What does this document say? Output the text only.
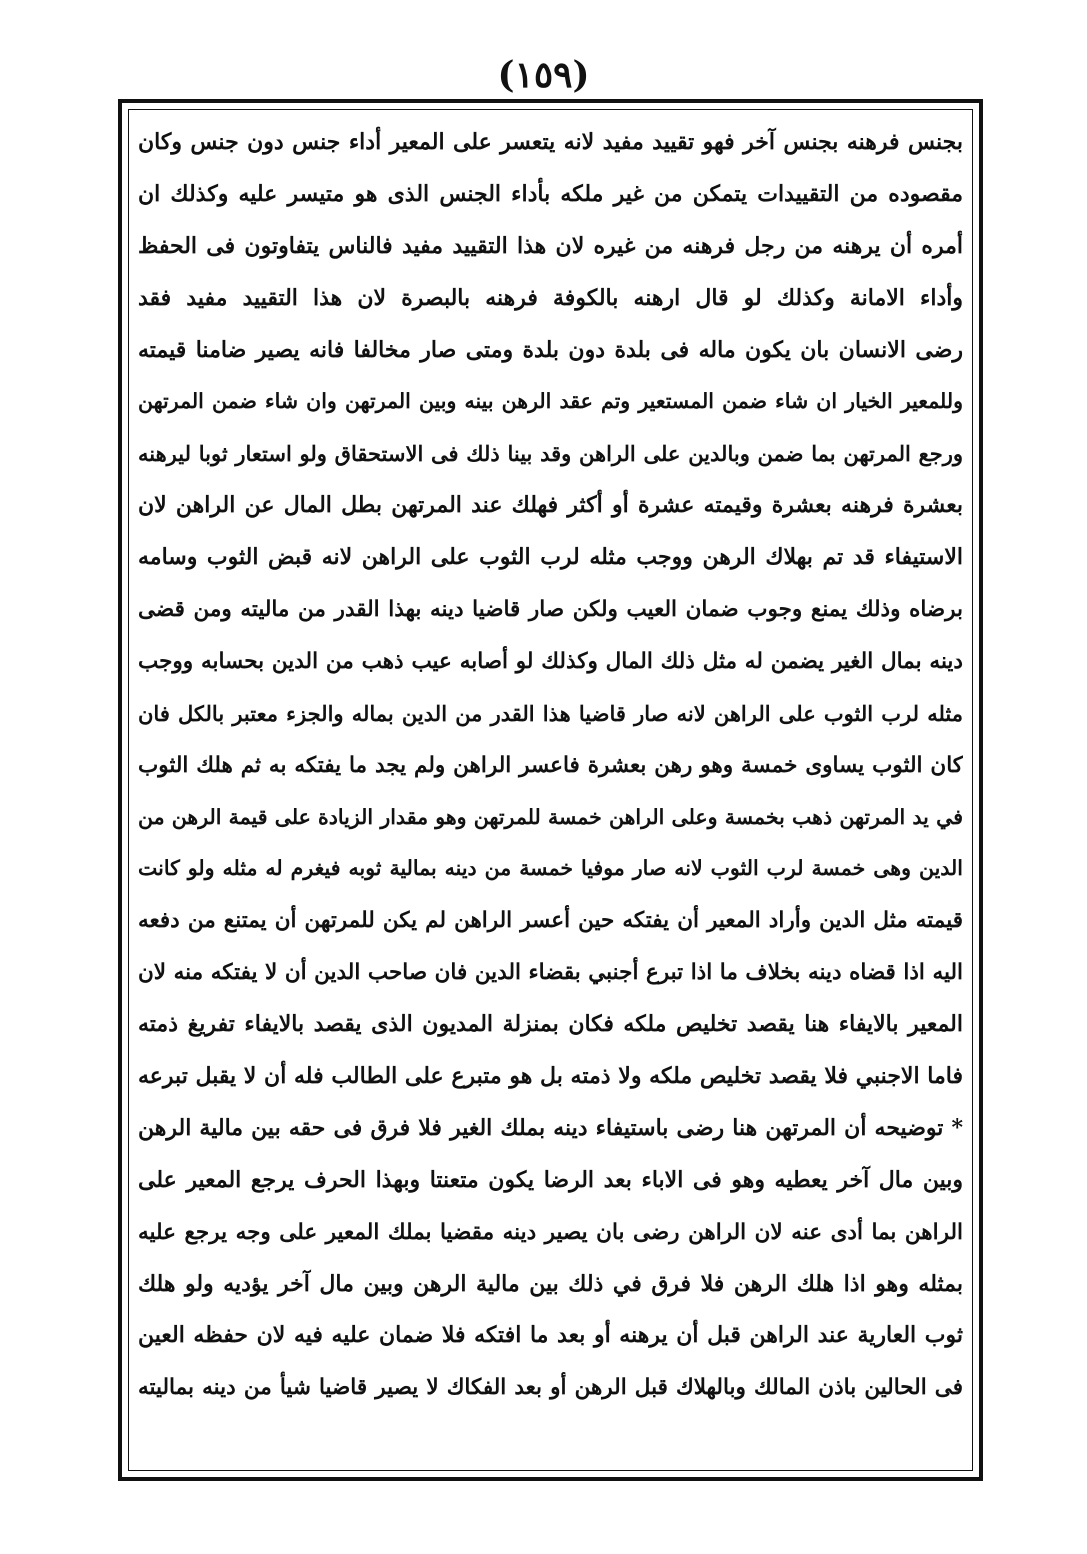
(١٥٩)
بجنس فرهنه بجنس آخر فهو تقييد مفيد لانه يتعسر على المعير أداء جنس دون جنس وكان
مقصوده من التقييدات يتمكن من غير ملكه بأداء الجنس الذى هو متيسر عليه وكذلك ان
أمره أن يرهنه من رجل فرهنه من غيره لان هذا التقييد مفيد فالناس يتفاوتون فى الحفظ
وأداء الامانة وكذلك لو قال ارهنه بالكوفة فرهنه بالبصرة لان هذا التقييد مفيد فقد
رضى الانسان بان يكون ماله فى بلدة دون بلدة ومتى صار مخالفا فانه يصير ضامنا قيمته
وللمعير الخيار ان شاء ضمن المستعير وتم عقد الرهن بينه وبين المرتهن وان شاء ضمن المرتهن
ورجع المرتهن بما ضمن وبالدين على الراهن وقد بينا ذلك فى الاستحقاق ولو استعار ثوبا ليرهنه
بعشرة فرهنه بعشرة وقيمته عشرة أو أكثر فهلك عند المرتهن بطل المال عن الراهن لان
الاستيفاء قد تم بهلاك الرهن ووجب مثله لرب الثوب على الراهن لانه قبض الثوب وسامه
برضاه وذلك يمنع وجوب ضمان العيب ولكن صار قاضيا دينه بهذا القدر من ماليته ومن قضى
دينه بمال الغير يضمن له مثل ذلك المال وكذلك لو أصابه عيب ذهب من الدين بحسابه ووجب
مثله لرب الثوب على الراهن لانه صار قاضيا هذا القدر من الدين بماله والجزء معتبر بالكل فان
كان الثوب يساوى خمسة وهو رهن بعشرة فاعسر الراهن ولم يجد ما يفتكه به ثم هلك الثوب
في يد المرتهن ذهب بخمسة وعلى الراهن خمسة للمرتهن وهو مقدار الزيادة على قيمة الرهن من
الدين وهى خمسة لرب الثوب لانه صار موفيا خمسة من دينه بمالية ثوبه فيغرم له مثله ولو كانت
قيمته مثل الدين وأراد المعير أن يفتكه حين أعسر الراهن لم يكن للمرتهن أن يمتنع من دفعه
اليه اذا قضاه دينه بخلاف ما اذا تبرع أجنبي بقضاء الدين فان صاحب الدين أن لا يفتكه منه لان
المعير بالايفاء هنا يقصد تخليص ملكه فكان بمنزلة المديون الذى يقصد بالايفاء تفريغ ذمته
فاما الاجنبي فلا يقصد تخليص ملكه ولا ذمته بل هو متبرع على الطالب فله أن لا يقبل تبرعه
* توضيحه أن المرتهن هنا رضى باستيفاء دينه بملك الغير فلا فرق فى حقه بين مالية الرهن
وبين مال آخر يعطيه وهو فى الاباء بعد الرضا يكون متعنتا وبهذا الحرف يرجع المعير على
الراهن بما أدى عنه لان الراهن رضى بان يصير دينه مقضيا بملك المعير على وجه يرجع عليه
بمثله وهو اذا هلك الرهن فلا فرق في ذلك بين مالية الرهن وبين مال آخر يؤديه ولو هلك
ثوب العارية عند الراهن قبل أن يرهنه أو بعد ما افتكه فلا ضمان عليه فيه لان حفظه العين
فى الحالين باذن المالك وبالهلاك قبل الرهن أو بعد الفكاك لا يصير قاضيا شيأ من دينه بماليته
